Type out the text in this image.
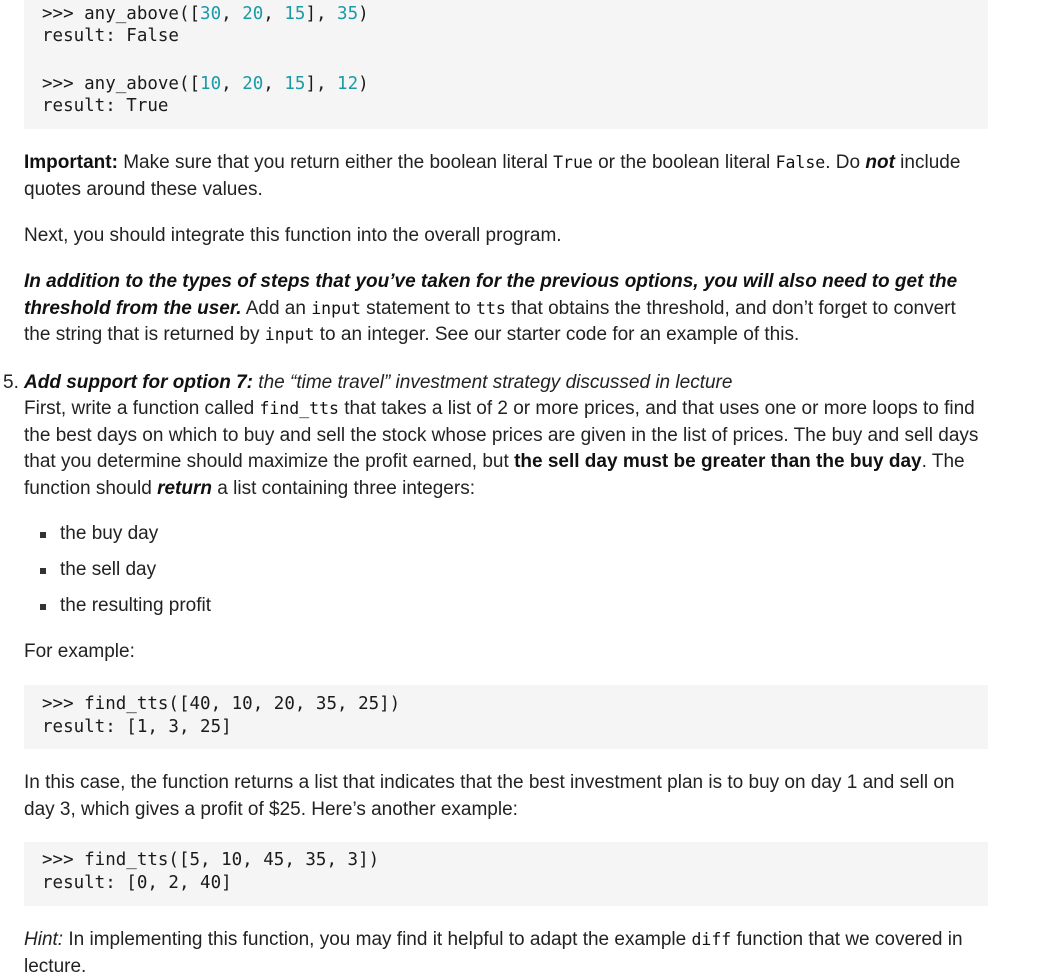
>>> any_above([30, 20, 15], 35)
result: False
>>> any_above([10, 20, 15], 12)
result: True

Important: Make sure that you return either the boolean literal True or the boolean literal False. Do not include quotes around these values.

Next, you should integrate this function into the overall program.

In addition to the types of steps that you’ve taken for the previous options, you will also need to get the threshold from the user. Add an input statement to tts that obtains the threshold, and don’t forget to convert the string that is returned by input to an integer. See our starter code for an example of this.

5. Add support for option 7: the “time travel” investment strategy discussed in lecture

First, write a function called find_tts that takes a list of 2 or more prices, and that uses one or more loops to find the best days on which to buy and sell the stock whose prices are given in the list of prices. The buy and sell days that you determine should maximize the profit earned, but the sell day must be greater than the buy day. The function should return a list containing three integers:

the buy day
the sell day
the resulting profit

For example:

>>> find_tts([40, 10, 20, 35, 25])
result: [1, 3, 25]

In this case, the function returns a list that indicates that the best investment plan is to buy on day 1 and sell on day 3, which gives a profit of $25. Here’s another example:

>>> find_tts([5, 10, 45, 35, 3])
result: [0, 2, 40]

Hint: In implementing this function, you may find it helpful to adapt the example diff function that we covered in lecture.
